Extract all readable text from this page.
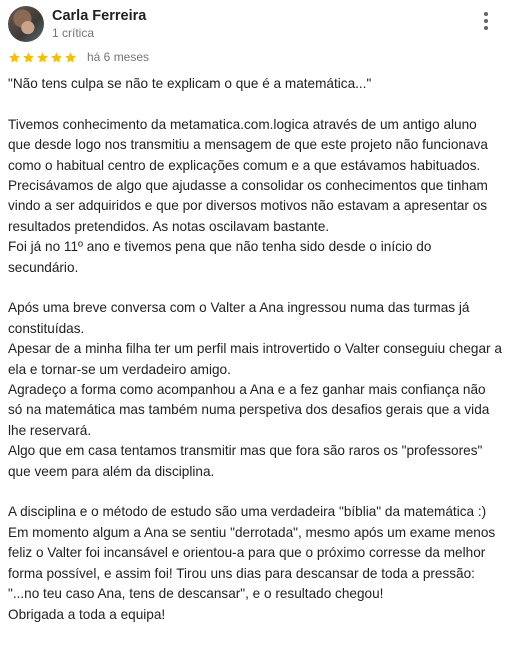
Carla Ferreira
1 crítica
há 6 meses

"Não tens culpa se não te explicam o que é a matemática..."

Tivemos conhecimento da metamatica.com.logica através de um antigo aluno que desde logo nos transmitiu a mensagem de que este projeto não funcionava como o habitual centro de explicações comum e a que estávamos habituados.

Precisávamos de algo que ajudasse a consolidar os conhecimentos que tinham vindo a ser adquiridos e que por diversos motivos não estavam a apresentar os resultados pretendidos. As notas oscilavam bastante.

Foi já no 11º ano e tivemos pena que não tenha sido desde o início do secundário.

Após uma breve conversa com o Valter a Ana ingressou numa das turmas já constituídas.

Apesar de a minha filha ter um perfil mais introvertido o Valter conseguiu chegar a ela e tornar-se um verdadeiro amigo.

Agradeço a forma como acompanhou a Ana e a fez ganhar mais confiança não só na matemática mas também numa perspetiva dos desafios gerais que a vida lhe reservará.

Algo que em casa tentamos transmitir mas que fora são raros os "professores" que veem para além da disciplina.

A disciplina e o método de estudo são uma verdadeira "bíblia" da matemática :)

Em momento algum a Ana se sentiu "derrotada", mesmo após um exame menos feliz o Valter foi incansável e orientou-a para que o próximo corresse da melhor forma possível, e assim foi! Tirou uns dias para descansar de toda a pressão: "...no teu caso Ana, tens de descansar", e o resultado chegou!

Obrigada a toda a equipa!
